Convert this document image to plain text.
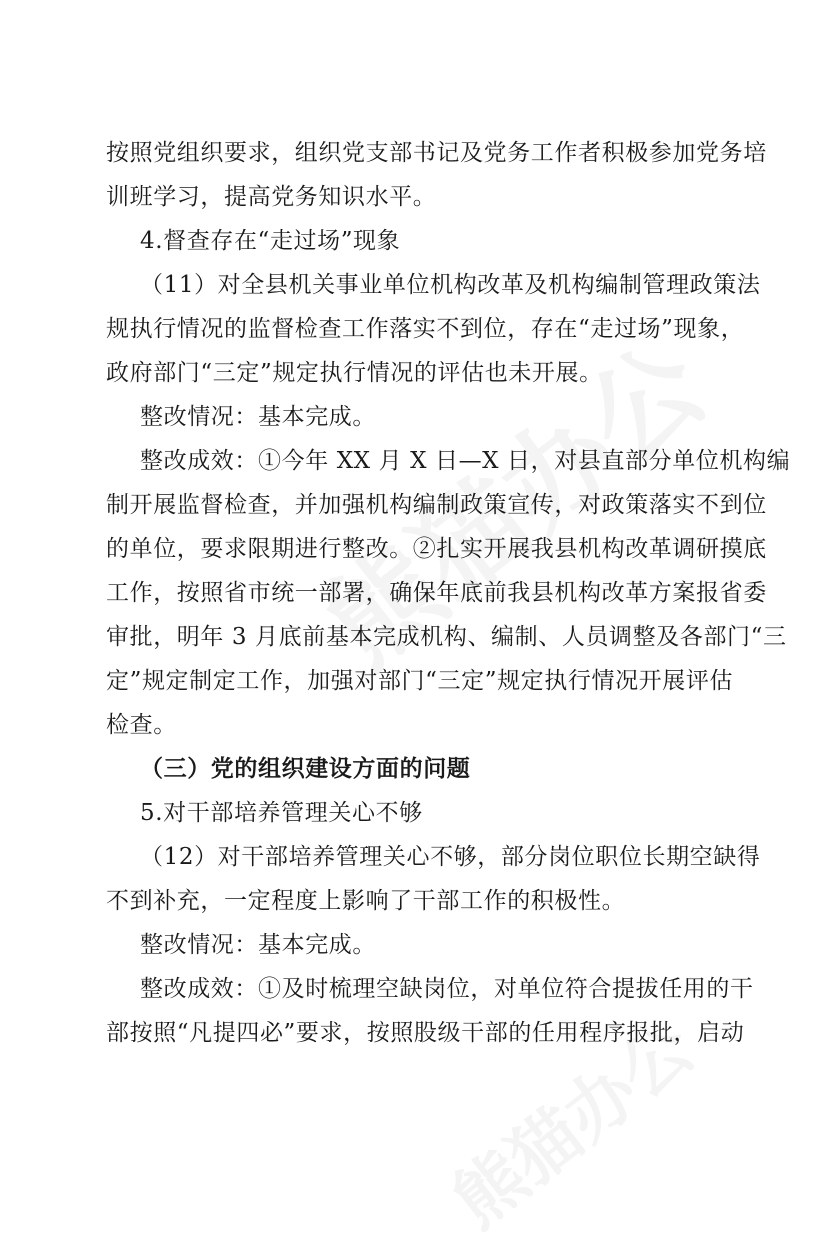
按照党组织要求，组织党支部书记及党务工作者积极参加党务培
训班学习，提高党务知识水平。
4.督查存在“走过场”现象
（11）对全县机关事业单位机构改革及机构编制管理政策法
规执行情况的监督检查工作落实不到位，存在“走过场”现象，
政府部门“三定”规定执行情况的评估也未开展。
整改情况：基本完成。
整改成效：①今年 XX 月 X 日—X 日，对县直部分单位机构编
制开展监督检查，并加强机构编制政策宣传，对政策落实不到位
的单位，要求限期进行整改。②扎实开展我县机构改革调研摸底
工作，按照省市统一部署，确保年底前我县机构改革方案报省委
审批，明年 3 月底前基本完成机构、编制、人员调整及各部门“三
定”规定制定工作，加强对部门“三定”规定执行情况开展评估
检查。
（三）党的组织建设方面的问题
5.对干部培养管理关心不够
（12）对干部培养管理关心不够，部分岗位职位长期空缺得
不到补充，一定程度上影响了干部工作的积极性。
整改情况：基本完成。
整改成效：①及时梳理空缺岗位，对单位符合提拔任用的干
部按照“凡提四必”要求，按照股级干部的任用程序报批，启动
